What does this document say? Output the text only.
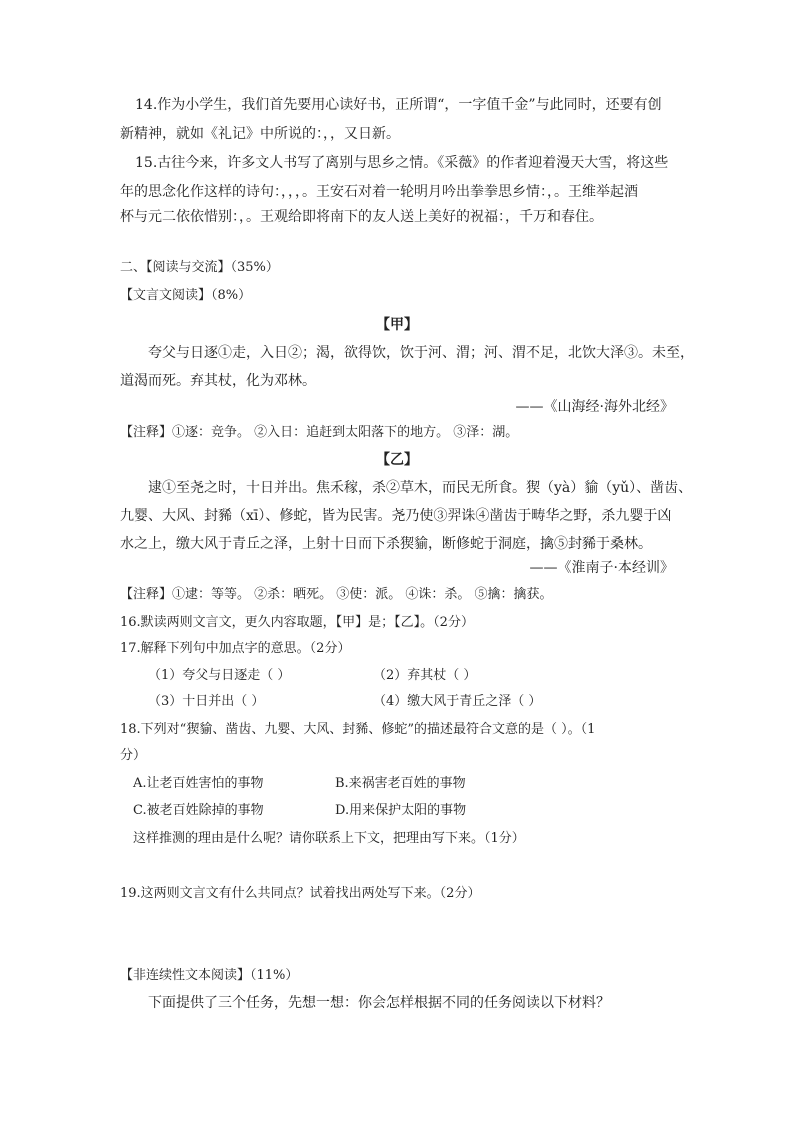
14.作为小学生，我们首先要用心读好书，正所谓“，一字值千金”与此同时，还要有创
新精神，就如《礼记》中所说的：，，又日新。
15.古往今来，许多文人书写了离别与思乡之情。《采薇》的作者迎着漫天大雪，将这些
年的思念化作这样的诗句：，，，。王安石对着一轮明月吟出拳拳思乡情：，。王维举起酒
杯与元二依依惜别：，。王观给即将南下的友人送上美好的祝福：，千万和春住。
二、【阅读与交流】（35%）
【文言文阅读】（8%）
【甲】
夸父与日逐①走，入日②；渴，欲得饮，饮于河、渭；河、渭不足，北饮大泽③。未至，
道渴而死。弃其杖，化为邓林。
——《山海经·海外北经》
【注释】①逐：竞争。 ②入日：追赶到太阳落下的地方。 ③泽：湖。
【乙】
逮①至尧之时，十日并出。焦禾稼，杀②草木，而民无所食。猰（yà）貐（yǔ）、凿齿、
九婴、大风、封豨（xī）、修蛇，皆为民害。尧乃使③羿诛④凿齿于畴华之野，杀九婴于凶
水之上，缴大风于青丘之泽，上射十日而下杀猰貐，断修蛇于洞庭，擒⑤封豨于桑林。
——《淮南子·本经训》
【注释】①逮：等等。 ②杀：晒死。 ③使：派。 ④诛：杀。 ⑤擒：擒获。
16.默读两则文言文，更久内容取题，【甲】是；【乙】。（2分）
17.解释下列句中加点字的意思。（2分）
（1）夸父与日逐走（ ）	（2）弃其杖（ ）
（3）十日并出（ ）	（4）缴大风于青丘之泽（ ）
18.下列对“猰貐、凿齿、九婴、大风、封豨、修蛇”的描述最符合文意的是（ ）。（1
分）
A.让老百姓害怕的事物	B.来祸害老百姓的事物
C.被老百姓除掉的事物	D.用来保护太阳的事物
这样推测的理由是什么呢？请你联系上下文，把理由写下来。（1分）
19.这两则文言文有什么共同点？试着找出两处写下来。（2分）
【非连续性文本阅读】（11%）
下面提供了三个任务，先想一想：你会怎样根据不同的任务阅读以下材料？
